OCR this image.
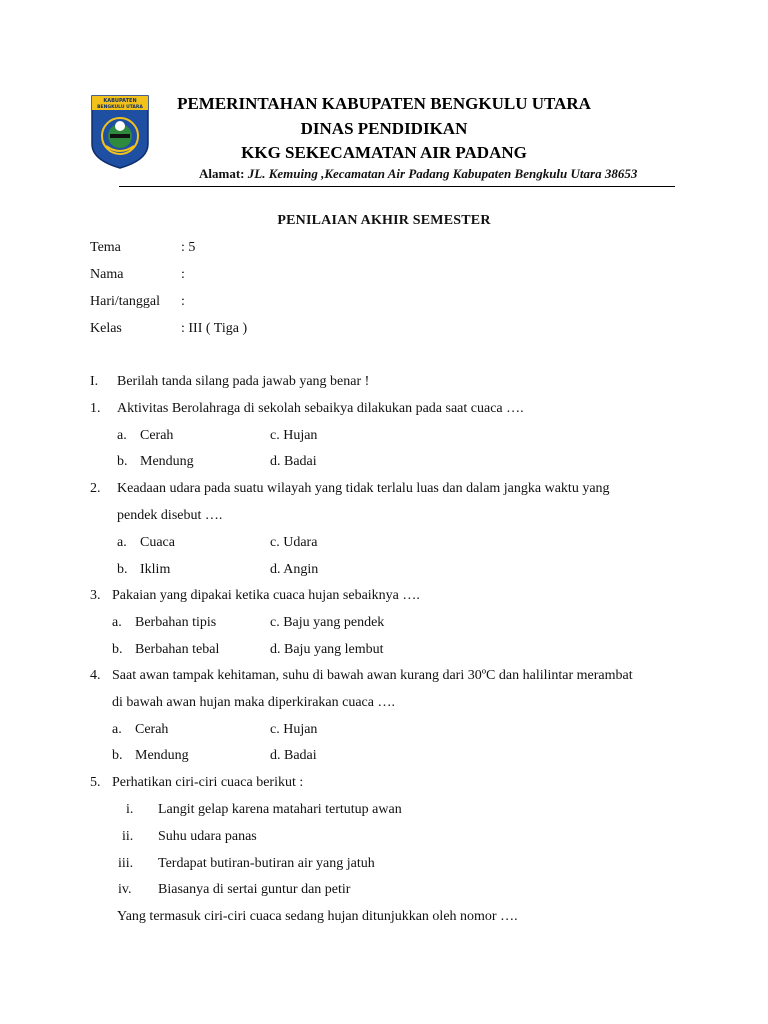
KABUPATEN
BENGKULU UTARA	PEMERINTAHAN KABUPATEN BENGKULU UTARA
DINAS PENDIDIKAN
KKG SEKECAMATAN AIR PADANG
Alamat: JL. Kemuing ,Kecamatan Air Padang Kabupaten Bengkulu Utara 38653
PENILAIAN AKHIR SEMESTER
Tema	: 5
Nama	:
Hari/tanggal :
Kelas	: III ( Tiga )
I. Berilah tanda silang pada jawab yang benar !
1. Aktivitas Berolahraga di sekolah sebaikya dilakukan pada saat cuaca ….
a. Cerah	c. Hujan
b. Mendung	d. Badai
2. Keadaan udara pada suatu wilayah yang tidak terlalu luas dan dalam jangka waktu yang
pendek disebut ….
a. Cuaca	c. Udara
b. Iklim	d. Angin
3. Pakaian yang dipakai ketika cuaca hujan sebaiknya ….
a. Berbahan tipis	c. Baju yang pendek
b. Berbahan tebal	d. Baju yang lembut
4. Saat awan tampak kehitaman, suhu di bawah awan kurang dari 30ºC dan halilintar merambat
di bawah awan hujan maka diperkirakan cuaca ….
a. Cerah	c. Hujan
b. Mendung	d. Badai
5. Perhatikan ciri-ciri cuaca berikut :
i. Langit gelap karena matahari tertutup awan
ii. Suhu udara panas
iii. Terdapat butiran-butiran air yang jatuh
iv. Biasanya di sertai guntur dan petir
Yang termasuk ciri-ciri cuaca sedang hujan ditunjukkan oleh nomor ….
